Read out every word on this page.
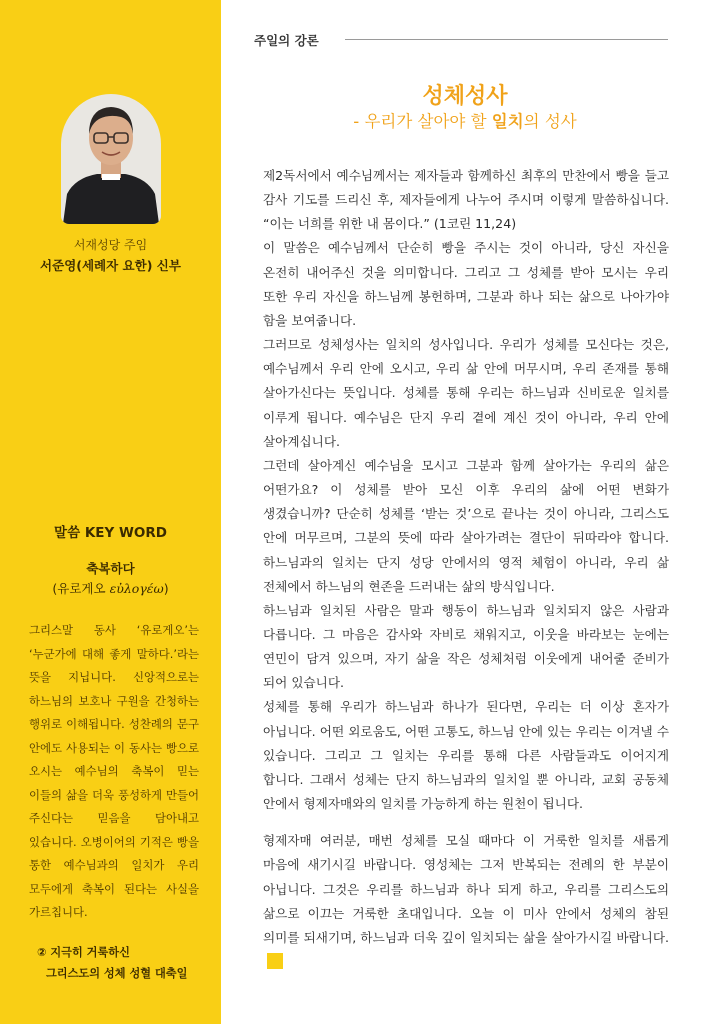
서재성당 주임
서준영(세례자 요한) 신부
말씀 KEY WORD
축복하다
(유로게오 εὐλογέω)

그리스말 동사 ‘유로게오’는 ‘누군가에 대해 좋게 말하다.’라는 뜻을 지닙니다. 신앙적으로는 하느님의 보호나 구원을 간청하는 행위로 이해됩니다. 성찬례의 문구 안에도 사용되는 이 동사는 빵으로 오시는 예수님의 축복이 믿는 이들의 삶을 더욱 풍성하게 만들어 주신다는 믿음을 담아내고 있습니다. 오병이어의 기적은 빵을 통한 예수님과의 일치가 우리 모두에게 축복이 된다는 사실을 가르칩니다.

② 지극히 거룩하신
그리스도의 성체 성혈 대축일
주일의 강론
성체성사
- 우리가 살아야 할 일치의 성사

제2독서에서 예수님께서는 제자들과 함께하신 최후의 만찬에서 빵을 들고 감사 기도를 드리신 후, 제자들에게 나누어 주시며 이렇게 말씀하십니다. “이는 너희를 위한 내 몸이다.” (1코린 11,24)

이 말씀은 예수님께서 단순히 빵을 주시는 것이 아니라, 당신 자신을 온전히 내어주신 것을 의미합니다. 그리고 그 성체를 받아 모시는 우리 또한 우리 자신을 하느님께 봉헌하며, 그분과 하나 되는 삶으로 나아가야 함을 보여줍니다.

그러므로 성체성사는 일치의 성사입니다. 우리가 성체를 모신다는 것은, 예수님께서 우리 안에 오시고, 우리 삶 안에 머무시며, 우리 존재를 통해 살아가신다는 뜻입니다. 성체를 통해 우리는 하느님과 신비로운 일치를 이루게 됩니다. 예수님은 단지 우리 곁에 계신 것이 아니라, 우리 안에 살아계십니다.

그런데 살아계신 예수님을 모시고 그분과 함께 살아가는 우리의 삶은 어떤가요? 이 성체를 받아 모신 이후 우리의 삶에 어떤 변화가 생겼습니까? 단순히 성체를 ‘받는 것’으로 끝나는 것이 아니라, 그리스도 안에 머무르며, 그분의 뜻에 따라 살아가려는 결단이 뒤따라야 합니다. 하느님과의 일치는 단지 성당 안에서의 영적 체험이 아니라, 우리 삶 전체에서 하느님의 현존을 드러내는 삶의 방식입니다.

하느님과 일치된 사람은 말과 행동이 하느님과 일치되지 않은 사람과 다릅니다. 그 마음은 감사와 자비로 채워지고, 이웃을 바라보는 눈에는 연민이 담겨 있으며, 자기 삶을 작은 성체처럼 이웃에게 내어줄 준비가 되어 있습니다.

성체를 통해 우리가 하느님과 하나가 된다면, 우리는 더 이상 혼자가 아닙니다. 어떤 외로움도, 어떤 고통도, 하느님 안에 있는 우리는 이겨낼 수 있습니다. 그리고 그 일치는 우리를 통해 다른 사람들과도 이어지게 합니다. 그래서 성체는 단지 하느님과의 일치일 뿐 아니라, 교회 공동체 안에서 형제자매와의 일치를 가능하게 하는 원천이 됩니다.

형제자매 여러분, 매번 성체를 모실 때마다 이 거룩한 일치를 새롭게 마음에 새기시길 바랍니다. 영성체는 그저 반복되는 전례의 한 부분이 아닙니다. 그것은 우리를 하느님과 하나 되게 하고, 우리를 그리스도의 삶으로 이끄는 거룩한 초대입니다. 오늘 이 미사 안에서 성체의 참된 의미를 되새기며, 하느님과 더욱 깊이 일치되는 삶을 살아가시길 바랍니다.
